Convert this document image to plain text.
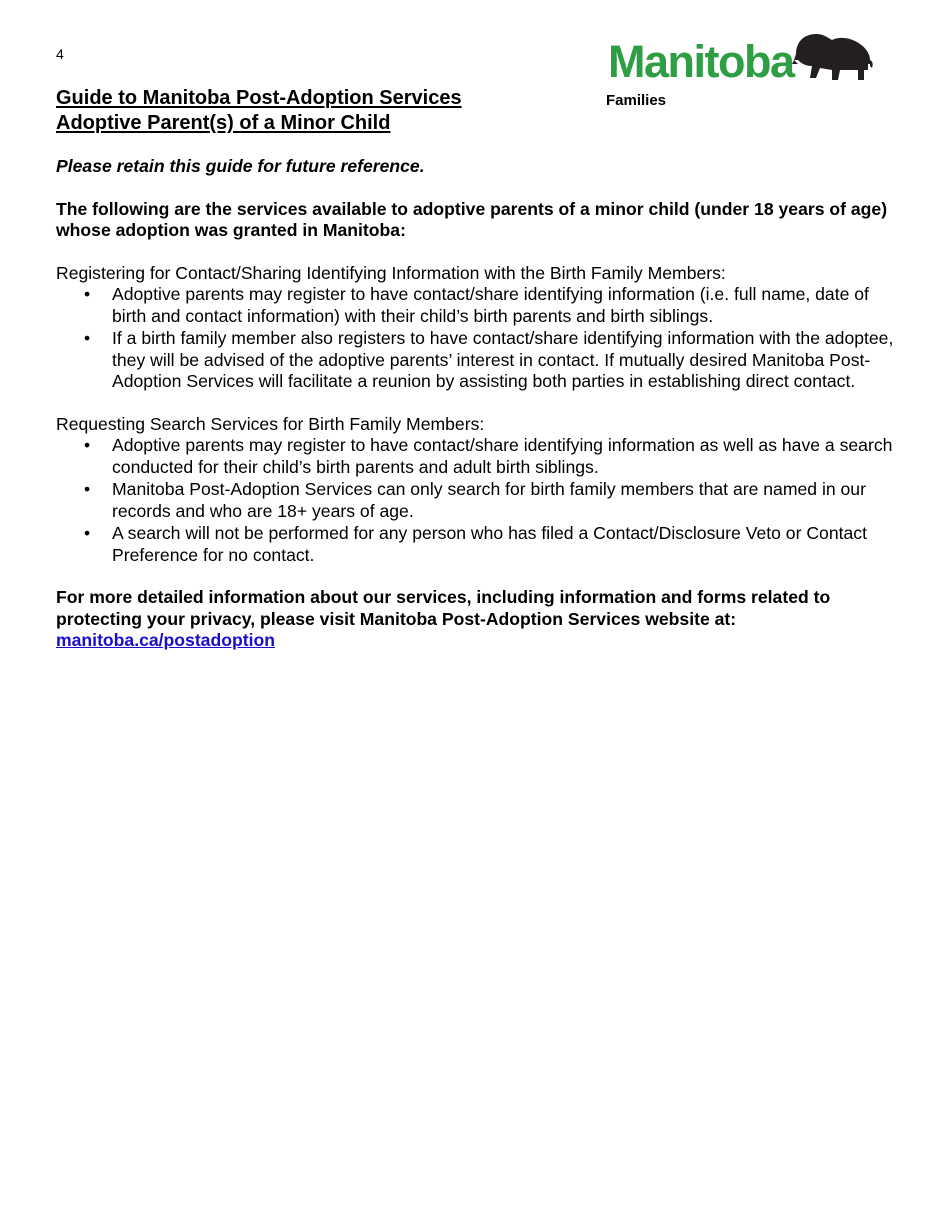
4	Manitoba
Families
Guide to Manitoba Post-Adoption Services
Adoptive Parent(s) of a Minor Child

Please retain this guide for future reference.

The following are the services available to adoptive parents of a minor child (under 18 years of age) whose adoption was granted in Manitoba:

Registering for Contact/Sharing Identifying Information with the Birth Family Members:

• Adoptive parents may register to have contact/share identifying information (i.e. full name, date of birth and contact information) with their child’s birth parents and birth siblings.
• If a birth family member also registers to have contact/share identifying information with the adoptee, they will be advised of the adoptive parents’ interest in contact. If mutually desired Manitoba Post-Adoption Services will facilitate a reunion by assisting both parties in establishing direct contact.

Requesting Search Services for Birth Family Members:

• Adoptive parents may register to have contact/share identifying information as well as have a search conducted for their child’s birth parents and adult birth siblings.
• Manitoba Post-Adoption Services can only search for birth family members that are named in our records and who are 18+ years of age.
• A search will not be performed for any person who has filed a Contact/Disclosure Veto or Contact Preference for no contact.

For more detailed information about our services, including information and forms related to protecting your privacy, please visit Manitoba Post-Adoption Services website at:
manitoba.ca/postadoption
